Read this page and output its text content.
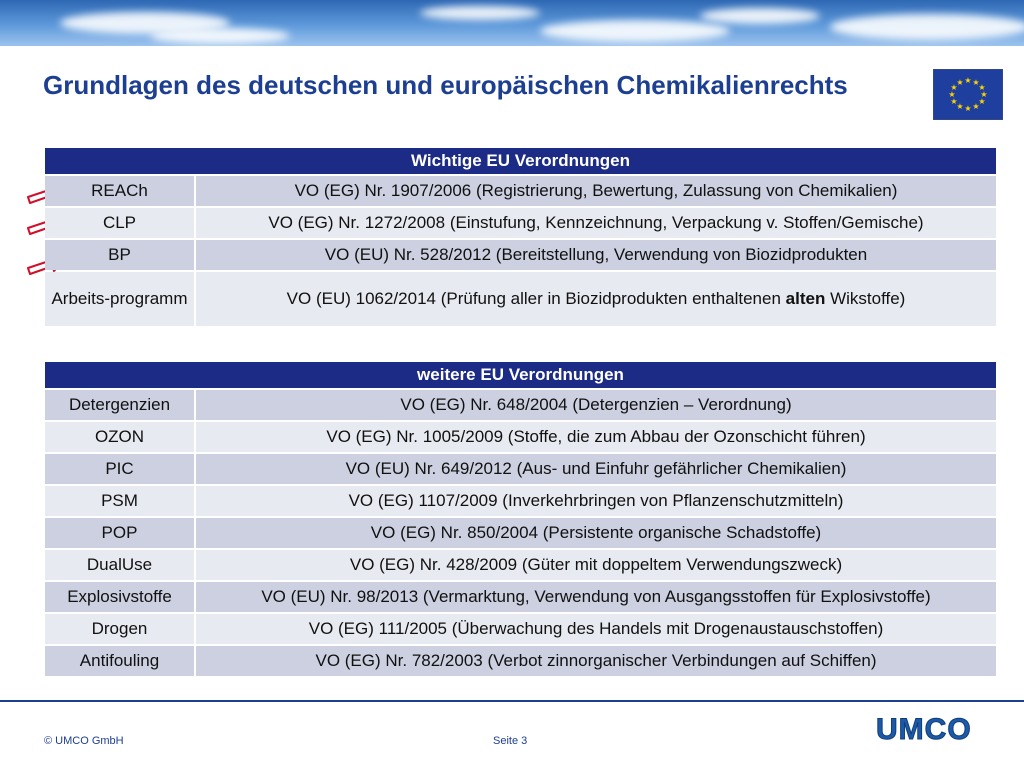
Grundlagen des deutschen und europäischen Chemikalienrechts	★ ★
★
★
★
★
★
★
★
★
★
★
Wichtige EU Verordnungen	
REACh	VO (EG) Nr. 1907/2006 (Registrierung, Bewertung, Zulassung von Chemikalien)
CLP	VO (EG) Nr. 1272/2008 (Einstufung, Kennzeichnung, Verpackung v. Stoffen/Gemische)
BP	VO (EU) Nr. 528/2012 (Bereitstellung, Verwendung von Biozidprodukten
Arbeits-programm	VO (EU) 1062/2014 (Prüfung aller in Biozidprodukten enthaltenen alten Wikstoffe)
weitere EU Verordnungen	
Detergenzien	VO (EG) Nr. 648/2004 (Detergenzien – Verordnung)
OZON	VO (EG) Nr. 1005/2009 (Stoffe, die zum Abbau der Ozonschicht führen)
PIC	VO (EU) Nr. 649/2012 (Aus- und Einfuhr gefährlicher Chemikalien)
PSM	VO (EG) 1107/2009 (Inverkehrbringen von Pflanzenschutzmitteln)
POP	VO (EG) Nr. 850/2004 (Persistente organische Schadstoffe)
DualUse	VO (EG) Nr. 428/2009 (Güter mit doppeltem Verwendungszweck)
Explosivstoffe	VO (EU) Nr. 98/2013 (Vermarktung, Verwendung von Ausgangsstoffen für Explosivstoffe)
Drogen	VO (EG) 111/2005 (Überwachung des Handels mit Drogenaustauschstoffen)
Antifouling	VO (EG) Nr. 782/2003 (Verbot zinnorganischer Verbindungen auf Schiffen)
© UMCO GmbH	Seite 3	UMCO
